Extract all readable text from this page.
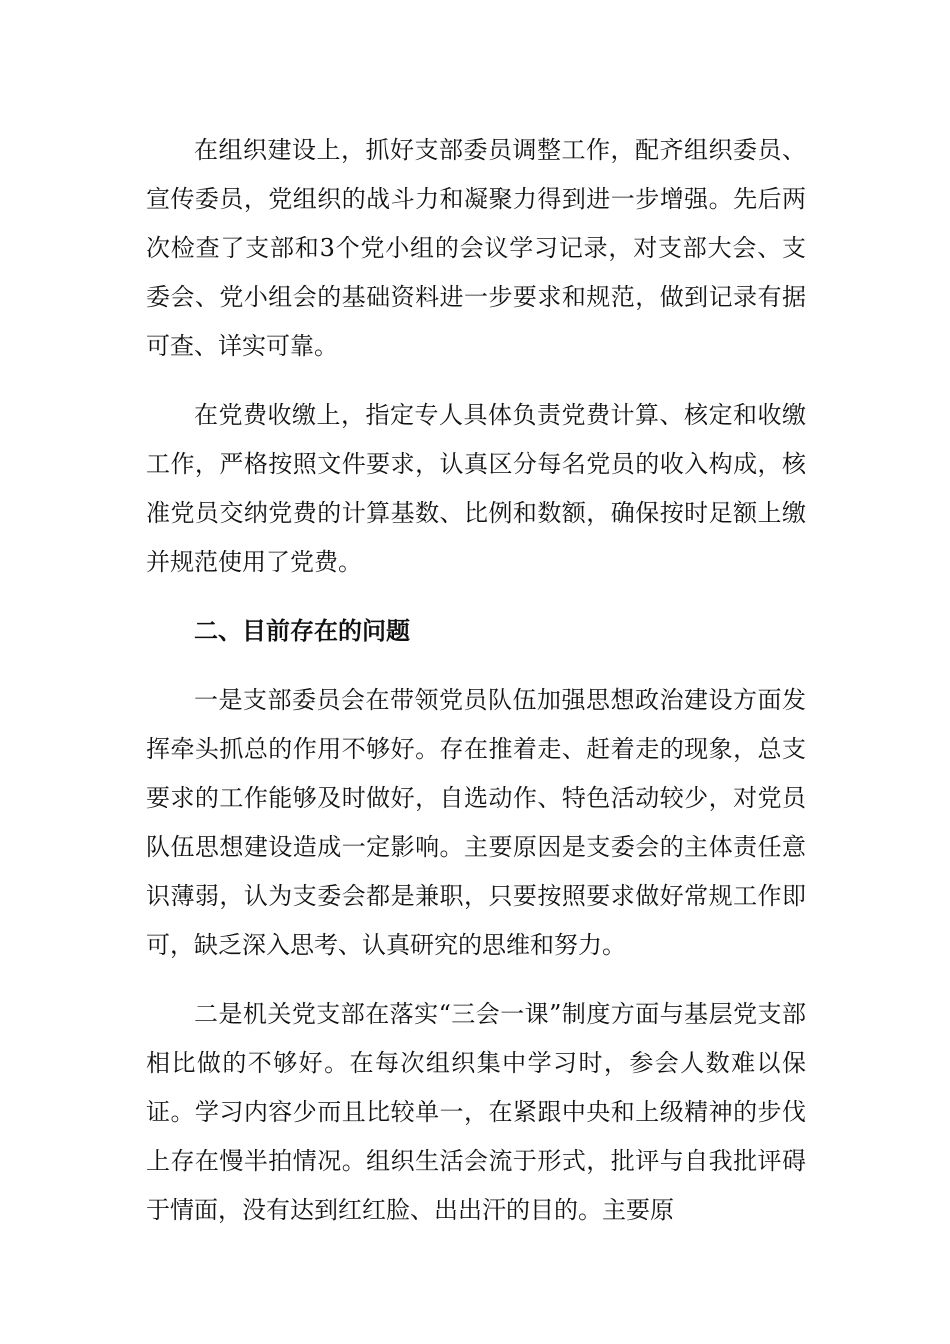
在组织建设上，抓好支部委员调整工作，配齐组织委员、宣传委员，党组织的战斗力和凝聚力得到进一步增强。先后两次检查了支部和3个党小组的会议学习记录，对支部大会、支委会、党小组会的基础资料进一步要求和规范，做到记录有据可查、详实可靠。

在党费收缴上，指定专人具体负责党费计算、核定和收缴工作，严格按照文件要求，认真区分每名党员的收入构成，核准党员交纳党费的计算基数、比例和数额，确保按时足额上缴并规范使用了党费。

二、目前存在的问题

一是支部委员会在带领党员队伍加强思想政治建设方面发挥牵头抓总的作用不够好。存在推着走、赶着走的现象，总支要求的工作能够及时做好，自选动作、特色活动较少，对党员队伍思想建设造成一定影响。主要原因是支委会的主体责任意识薄弱，认为支委会都是兼职，只要按照要求做好常规工作即可，缺乏深入思考、认真研究的思维和努力。

二是机关党支部在落实“三会一课”制度方面与基层党支部相比做的不够好。在每次组织集中学习时，参会人数难以保证。学习内容少而且比较单一，在紧跟中央和上级精神的步伐上存在慢半拍情况。组织生活会流于形式，批评与自我批评碍于情面，没有达到红红脸、出出汗的目的。主要原
